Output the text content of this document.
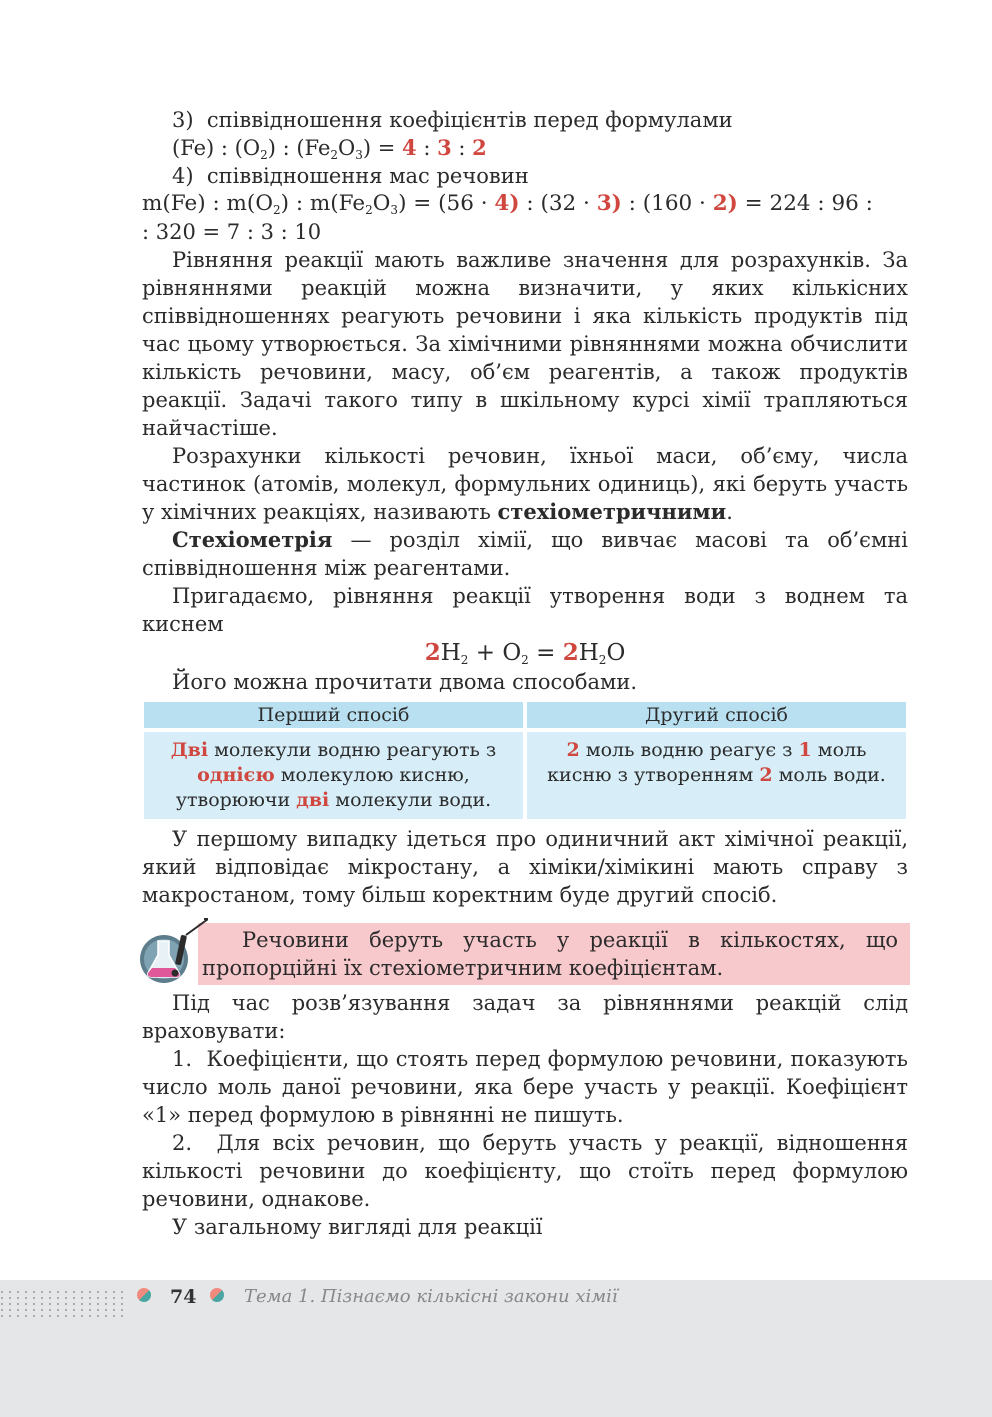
3) співвідношення коефіцієнтів перед формулами
(Fe) : $(O_2)$ : $(Fe_2O_3) = 4$ : 3 : 2
4) співвідношення мас речовин
m(Fe) : $m(O_2)$ : $m(Fe_2O_3) = (56 \cdot 4)$ : (32 · 3) : (160 · 2) = 224 : 96 :
: 320 = 7 : 3 : 10

Рівняння реакції мають важливе значення для розрахунків. За рівняннями реакцій можна визначити, у яких кількісних співвідношеннях реагують речовини і яка кількість продуктів під час цьому утворюється. За хімічними рівняннями можна обчислити кількість речовини, масу, об’єм реагентів, а також продуктів реакції. Задачі такого типу в шкільному курсі хімії трапляються найчастіше.

Розрахунки кількості речовин, їхньої маси, об’єму, числа частинок (атомів, молекул, формульних одиниць), які беруть участь у хімічних реакціях, називають стехіометричними.

Стехіометрія — розділ хімії, що вивчає масові та об’ємні співвідношення між реагентами.

Пригадаємо, рівняння реакції утворення води з воднем та киснем

$2H_2 + O_2 = 2H_2O$

Його можна прочитати двома способами.

Перший спосіб	Другий спосіб
Дві молекули водню реагують з однією молекулою кисню, утворюючи дві молекули води.	2 моль водню реагує з 1 моль кисню з утворенням 2 моль води.

У першому випадку ідеться про одиничний акт хімічної реакції, який відповідає мікростану, а хіміки/хімікині мають справу з макростаном, тому більш коректним буде другий спосіб.

Речовини беруть участь у реакції в кількостях, що пропорційні їх стехіометричним коефіцієнтам.

Під час розв’язування задач за рівняннями реакцій слід враховувати:

1. Коефіцієнти, що стоять перед формулою речовини, показують число моль даної речовини, яка бере участь у реакції. Коефіцієнт «1» перед формулою в рівнянні не пишуть.

2. Для всіх речовин, що беруть участь у реакції, відношення кількості речовини до коефіцієнту, що стоїть перед формулою речовини, однакове.

У загальному вигляді для реакції

74	Тема 1. Пізнаємо кількісні закони хімії
